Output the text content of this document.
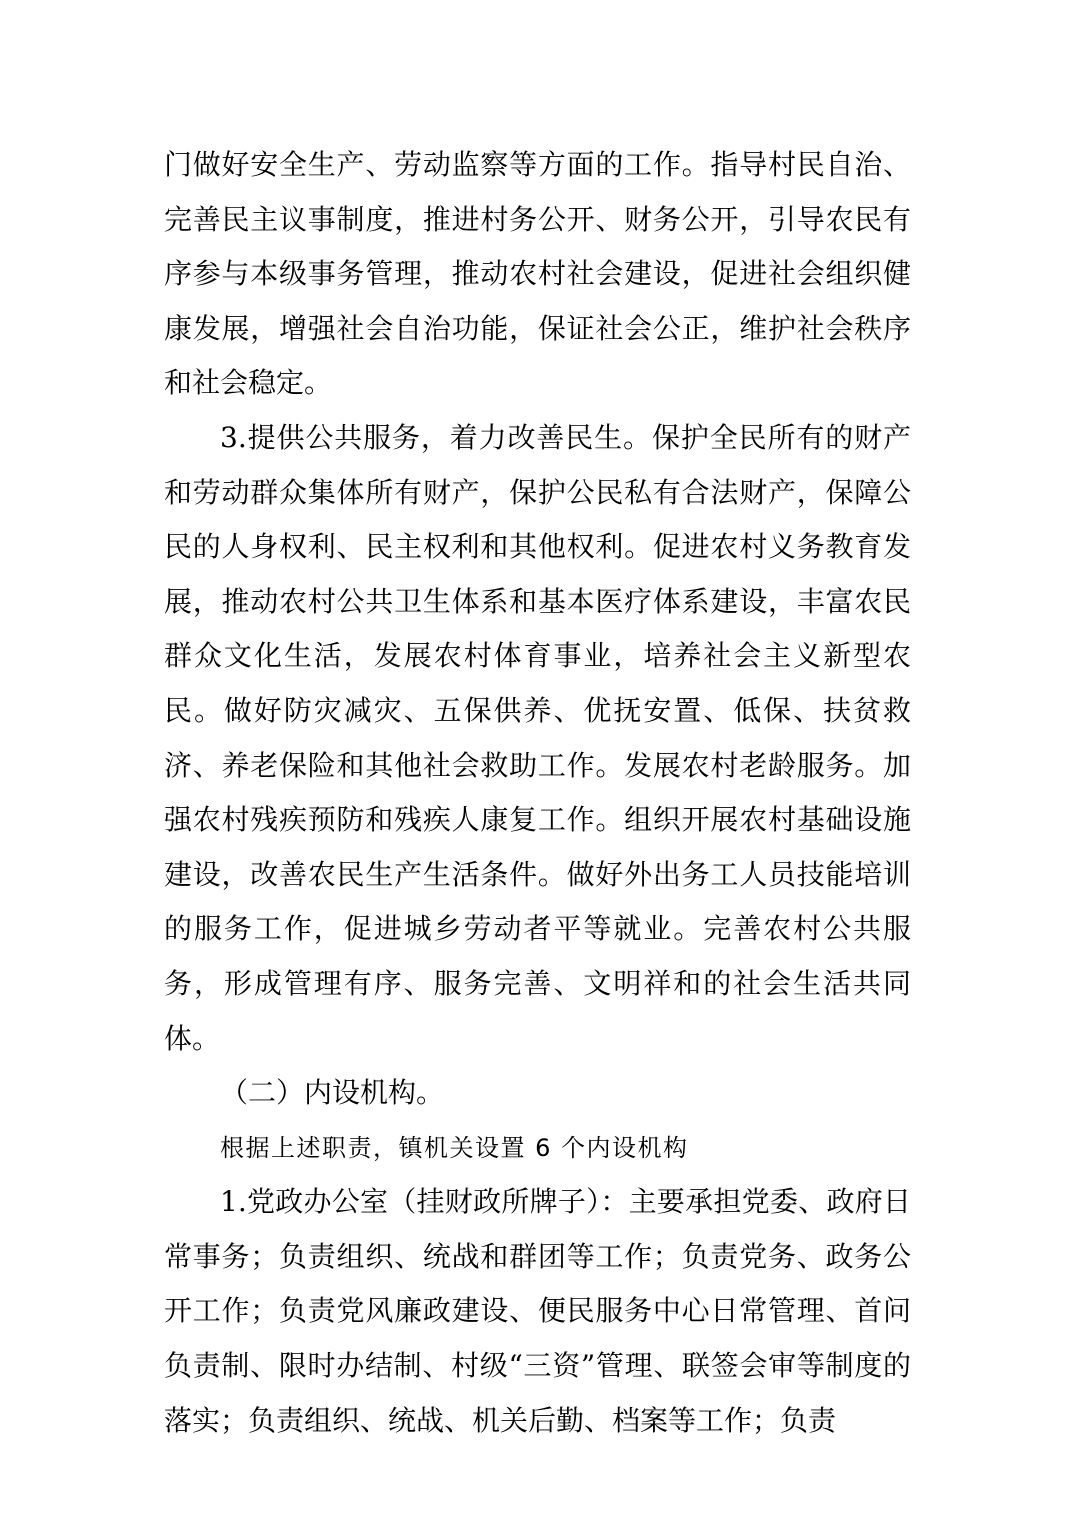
门做好安全生产、劳动监察等方面的工作。指导村民自治、完善民主议事制度，推进村务公开、财务公开，引导农民有序参与本级事务管理，推动农村社会建设，促进社会组织健康发展，增强社会自治功能，保证社会公正，维护社会秩序和社会稳定。

3.提供公共服务，着力改善民生。保护全民所有的财产和劳动群众集体所有财产，保护公民私有合法财产，保障公民的人身权利、民主权利和其他权利。促进农村义务教育发展，推动农村公共卫生体系和基本医疗体系建设，丰富农民群众文化生活，发展农村体育事业，培养社会主义新型农民。做好防灾减灾、五保供养、优抚安置、低保、扶贫救济、养老保险和其他社会救助工作。发展农村老龄服务。加强农村残疾预防和残疾人康复工作。组织开展农村基础设施建设，改善农民生产生活条件。做好外出务工人员技能培训的服务工作，促进城乡劳动者平等就业。完善农村公共服务，形成管理有序、服务完善、文明祥和的社会生活共同体。

（二）内设机构。

根据上述职责，镇机关设置 6 个内设机构

1.党政办公室（挂财政所牌子）：主要承担党委、政府日常事务；负责组织、统战和群团等工作；负责党务、政务公开工作；负责党风廉政建设、便民服务中心日常管理、首问负责制、限时办结制、村级“三资”管理、联签会审等制度的落实；负责组织、统战、机关后勤、档案等工作；负责
